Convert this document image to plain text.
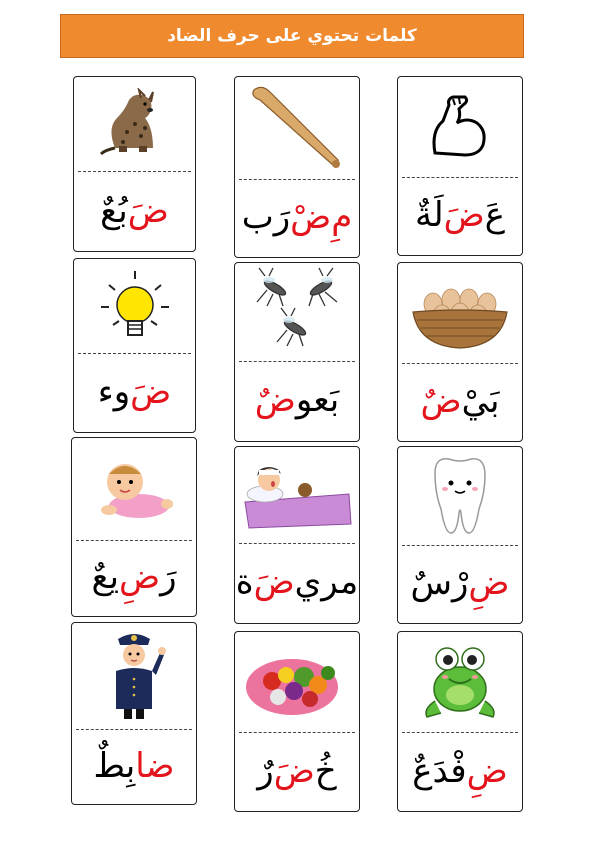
كلمات تحتوي على حرف الضاد
ضَ
بُعٌ	مِ
ضْ
رَب	عَ
ضَ
لَةٌ
ضَ
وء	بَعو
ضٌ	بَيْ
ضٌ
رَ
ضِ
يعٌ	مري
ضَ
ة	ضِ
رْسٌ
ضا
بِطٌ	خُ
ضَ
رٌ	ضِ
فْدَعٌ
